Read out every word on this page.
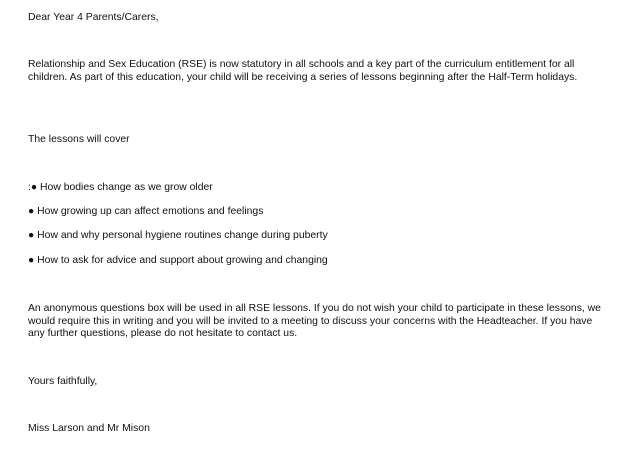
Dear Year 4 Parents/Carers,
Relationship and Sex Education (RSE) is now statutory in all schools and a key part of the curriculum entitlement for all children. As part of this education, your child will be receiving a series of lessons beginning after the Half-Term holidays.
The lessons will cover
:● How bodies change as we grow older
● How growing up can affect emotions and feelings
● How and why personal hygiene routines change during puberty
● How to ask for advice and support about growing and changing
An anonymous questions box will be used in all RSE lessons. If you do not wish your child to participate in these lessons, we would require this in writing and you will be invited to a meeting to discuss your concerns with the Headteacher. If you have any further questions, please do not hesitate to contact us.
Yours faithfully,
Miss Larson and Mr Mison
